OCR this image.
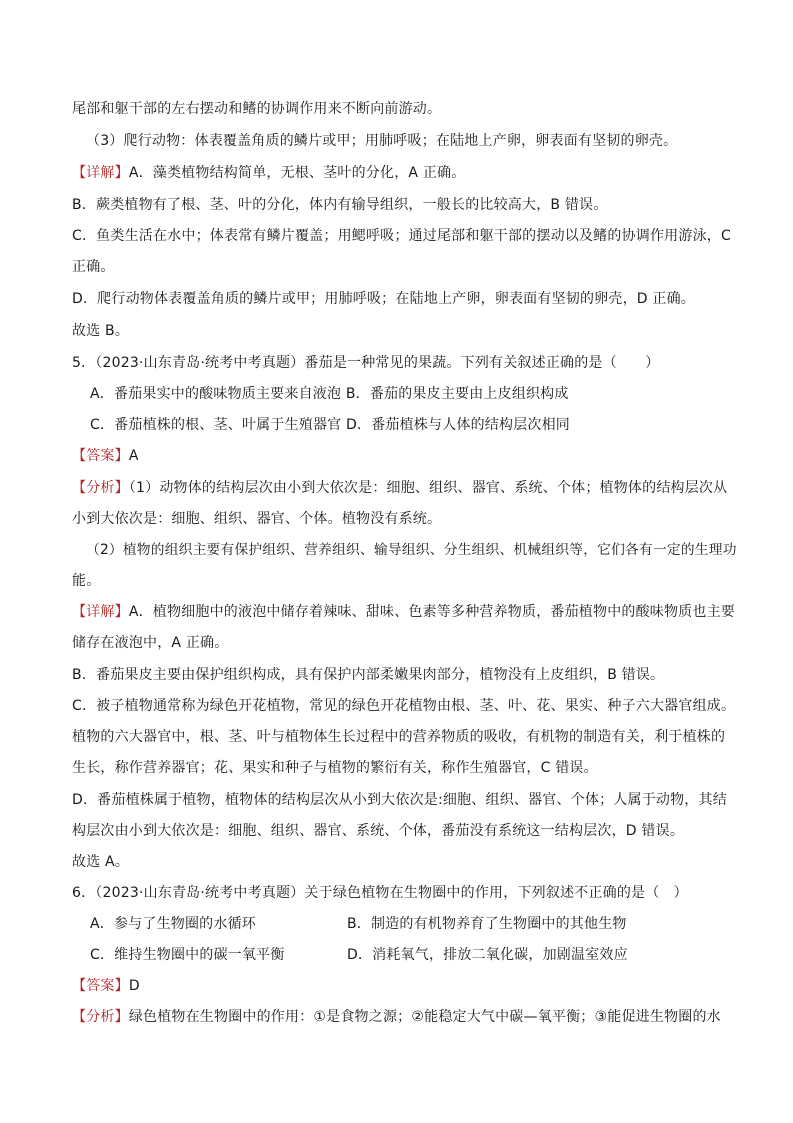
尾部和躯干部的左右摆动和鳍的协调作用来不断向前游动。
（3）爬行动物：体表覆盖角质的鳞片或甲；用肺呼吸；在陆地上产卵，卵表面有坚韧的卵壳。
【详解】A．藻类植物结构简单，无根、茎叶的分化，A 正确。
B．蕨类植物有了根、茎、叶的分化，体内有输导组织，一般长的比较高大，B 错误。
C．鱼类生活在水中；体表常有鳞片覆盖；用鳃呼吸；通过尾部和躯干部的摆动以及鳍的协调作用游泳，C
正确。
D．爬行动物体表覆盖角质的鳞片或甲；用肺呼吸；在陆地上产卵，卵表面有坚韧的卵壳，D 正确。
故选 B。
5．（2023·山东青岛·统考中考真题）番茄是一种常见的果蔬。下列有关叙述正确的是（　　）
A．番茄果实中的酸味物质主要来自液泡 B．番茄的果皮主要由上皮组织构成
C．番茄植株的根、茎、叶属于生殖器官 D．番茄植株与人体的结构层次相同
【答案】A
【分析】（1）动物体的结构层次由小到大依次是：细胞、组织、器官、系统、个体；植物体的结构层次从
小到大依次是：细胞、组织、器官、个体。植物没有系统。
（2）植物的组织主要有保护组织、营养组织、输导组织、分生组织、机械组织等，它们各有一定的生理功
能。
【详解】A．植物细胞中的液泡中储存着辣味、甜味、色素等多种营养物质，番茄植物中的酸味物质也主要
储存在液泡中，A 正确。
B．番茄果皮主要由保护组织构成，具有保护内部柔嫩果肉部分，植物没有上皮组织，B 错误。
C．被子植物通常称为绿色开花植物，常见的绿色开花植物由根、茎、叶、花、果实、种子六大器官组成。
植物的六大器官中，根、茎、叶与植物体生长过程中的营养物质的吸收，有机物的制造有关，利于植株的
生长，称作营养器官；花、果实和种子与植物的繁衍有关，称作生殖器官，C 错误。
D．番茄植株属于植物，植物体的结构层次从小到大依次是:细胞、组织、器官、个体；人属于动物，其结
构层次由小到大依次是：细胞、组织、器官、系统、个体，番茄没有系统这一结构层次，D 错误。
故选 A。
6．（2023·山东青岛·统考中考真题）关于绿色植物在生物圈中的作用，下列叙述不正确的是（　）
A．参与了生物圈的水循环	B．制造的有机物养育了生物圈中的其他生物
C．维持生物圈中的碳一氧平衡	D．消耗氧气，排放二氧化碳，加剧温室效应
【答案】D
【分析】绿色植物在生物圈中的作用：①是食物之源；②能稳定大气中碳—氧平衡；③能促进生物圈的水
